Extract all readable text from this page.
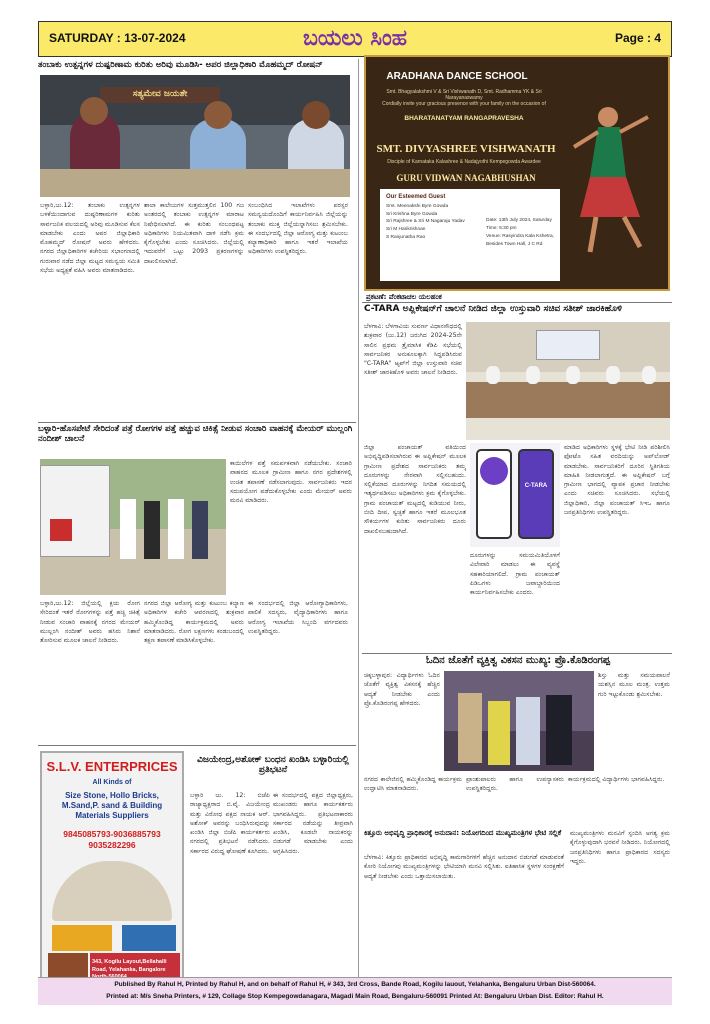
SATURDAY : 13-07-2024	ಬಯಲು ಸಿಂಹ	Page : 4
ತಂಬಾಕು ಉತ್ಪನ್ನಗಳ ದುಷ್ಪರಿಣಾಮ ಕುರಿತು ಅರಿವು ಮೂಡಿಸಿ- ಅಪರ ಜಿಲ್ಲಾಧಿಕಾರಿ ಮೊಹಮ್ಮದ್ ರೋಷನ್
ಸತ್ಯಮೇವ ಜಯತೇ
ಬಳ್ಳಾರಿ,ಜು.12: ತಂಬಾಕು ಉತ್ಪನ್ನಗಳ ಬಳಕೆಯಿಂದಾಗುವ ದುಷ್ಪರಿಣಾಮಗಳ ಕುರಿತು ಸಾರ್ವಜನಿಕ ವಲಯದಲ್ಲಿ ಅರಿವು ಮೂಡಿಸುವ ಕೆಲಸ ಮಾಡಬೇಕು ಎಂದು ಅಪರ ಜಿಲ್ಲಾಧಿಕಾರಿ ಮೊಹಮ್ಮದ್ ರೋಷನ್ ಅವರು ಹೇಳಿದರು. ನಗರದ ಜಿಲ್ಲಾಧಿಕಾರಿಗಳ ಕಚೇರಿಯ ಸಭಾಂಗಣದಲ್ಲಿ ಗುರುವಾರ ನಡೆದ ಜಿಲ್ಲಾ ಮಟ್ಟದ ಸಮನ್ವಯ ಸಮಿತಿ ಸಭೆಯ ಅಧ್ಯಕ್ಷತೆ ವಹಿಸಿ ಅವರು ಮಾತನಾಡಿದರು.ಶಾಲಾ ಕಾಲೇಜುಗಳ ಸುತ್ತಮುತ್ತಲಿನ 100 ಗಜ ಅಂತರದಲ್ಲಿ ತಂಬಾಕು ಉತ್ಪನ್ನಗಳ ಮಾರಾಟ ನಿಷೇಧಿಸಲಾಗಿದೆ. ಈ ಕುರಿತು ಸಂಬಂಧಪಟ್ಟ ಅಧಿಕಾರಿಗಳು ನಿಯಮಿತವಾಗಿ ದಾಳಿ ನಡೆಸಿ ಕ್ರಮ ಕೈಗೊಳ್ಳಬೇಕು ಎಂದು ಸೂಚಿಸಿದರು. ಜಿಲ್ಲೆಯಲ್ಲಿ ಇದುವರೆಗೆ ಒಟ್ಟು 2093 ಪ್ರಕರಣಗಳನ್ನು ದಾಖಲಿಸಲಾಗಿದೆ.ಸಂಬಂಧಿಸಿದ ಇಲಾಖೆಗಳು ಪರಸ್ಪರ ಸಮನ್ವಯದೊಂದಿಗೆ ಕಾರ್ಯನಿರ್ವಹಿಸಿ ಜಿಲ್ಲೆಯನ್ನು ತಂಬಾಕು ಮುಕ್ತ ಜಿಲ್ಲೆಯನ್ನಾಗಿಸಲು ಶ್ರಮಿಸಬೇಕು. ಈ ಸಂದರ್ಭದಲ್ಲಿ ಜಿಲ್ಲಾ ಆರೋಗ್ಯ ಮತ್ತು ಕುಟುಂಬ ಕಲ್ಯಾಣಾಧಿಕಾರಿ ಹಾಗೂ ಇತರೆ ಇಲಾಖೆಯ ಅಧಿಕಾರಿಗಳು ಉಪಸ್ಥಿತರಿದ್ದರು.
ARADHANA DANCE SCHOOL
Smt. Bhagyalakshmi V & Sri Vishwanath D, Smt. Radhamma YK & Sri Narayanaswamy
Cordially invite your gracious presence with your family on the occasion of
BHARATANATYAM RANGAPRAVESHA
SMT. DIVYASHREE VISHWANATH
Disciple of Karnataka Kalashree & Nadajyothi Kempegowda Awardee
GURU VIDWAN NAGABHUSHAN
Our Esteemed Guest
Smt. Meenakshi Byre Gowda
Sri Krishna Byre Gowda
Sri Rajshree & Sri M Nagaraju Yadav
Sri M Harikrishnan
S Ranjunatha Rao
Date: 13th July 2024, Saturday
Time: 5:30 pm
Venue: Rasyindra Kala Kshetra, Besides Town Hall, J C Rd
ಪ್ರಕಟಣೆ: ವೆಂಕಟಾಚಲ ಯಲಹಂಕ
C-TARA ಅಪ್ಲಿಕೇಷನ್‌ಗೆ ಚಾಲನೆ ನೀಡಿದ ಜಿಲ್ಲಾ ಉಸ್ತುವಾರಿ ಸಚಿವ ಸತೀಶ್ ಜಾರಕಿಹೊಳಿ
ಬೆಳಗಾವಿ: ಬೆಳಗಾವಿಯ ಸುವರ್ಣ ವಿಧಾನಸೌಧದಲ್ಲಿ ಶುಕ್ರವಾರ (ಜು.12) ಜರುಗಿದ 2024-25ನೇ ಸಾಲಿನ ಪ್ರಥಮ ತ್ರೈಮಾಸಿಕ ಕೆಡಿಪಿ ಸಭೆಯಲ್ಲಿ ಸಾರ್ವಜನಿಕರ ಅನುಕೂಲಕ್ಕಾಗಿ ಸಿದ್ಧಪಡಿಸಿರುವ "C-TARA" ಆ್ಯಪ್‌ಗೆ ಜಿಲ್ಲಾ ಉಸ್ತುವಾರಿ ಸಚಿವ ಸತೀಶ್ ಜಾರಕಿಹೊಳಿ ಅವರು ಚಾಲನೆ ನೀಡಿದರು.
ಜಿಲ್ಲಾ ಪಂಚಾಯತ್ ವತಿಯಿಂದ ಅಭಿವೃದ್ಧಿಪಡಿಸಲಾಗಿರುವ ಈ ಅಪ್ಲಿಕೇಷನ್ ಮೂಲಕ ಗ್ರಾಮೀಣ ಪ್ರದೇಶದ ಸಾರ್ವಜನಿಕರು ತಮ್ಮ ದೂರುಗಳನ್ನು ನೇರವಾಗಿ ಸಲ್ಲಿಸಬಹುದು. ಸಲ್ಲಿಕೆಯಾದ ದೂರುಗಳನ್ನು ನಿಗದಿತ ಸಮಯದಲ್ಲಿ ಇತ್ಯರ್ಥಪಡಿಸಲು ಅಧಿಕಾರಿಗಳು ಕ್ರಮ ಕೈಗೊಳ್ಳಬೇಕು. ಗ್ರಾಮ ಪಂಚಾಯತ್ ಮಟ್ಟದಲ್ಲಿ ಕುಡಿಯುವ ನೀರು, ಬೀದಿ ದೀಪ, ಸ್ವಚ್ಛತೆ ಹಾಗೂ ಇತರೆ ಮೂಲಭೂತ ಸೌಕರ್ಯಗಳ ಕುರಿತು ಸಾರ್ವಜನಿಕರು ದೂರು ದಾಖಲಿಸಬಹುದಾಗಿದೆ.
C-TARA
ಮಾಡಿದ ಅಧಿಕಾರಿಗಳು ಸ್ಥಳಕ್ಕೆ ಭೇಟಿ ನೀಡಿ ಪರಿಶೀಲಿಸಿ ಫೋಟೊ ಸಹಿತ ವರದಿಯನ್ನು ಅಪ್‌ಲೋಡ್ ಮಾಡಬೇಕು. ಸಾರ್ವಜನಿಕರಿಗೆ ದೂರಿನ ಸ್ಥಿತಿಗತಿಯ ಮಾಹಿತಿ ನೀಡಲಾಗುತ್ತದೆ. ಈ ಅಪ್ಲಿಕೇಷನ್ ಬಗ್ಗೆ ಗ್ರಾಮೀಣ ಭಾಗದಲ್ಲಿ ವ್ಯಾಪಕ ಪ್ರಚಾರ ನೀಡಬೇಕು ಎಂದು ಸಚಿವರು ಸೂಚಿಸಿದರು. ಸಭೆಯಲ್ಲಿ ಜಿಲ್ಲಾಧಿಕಾರಿ, ಜಿಲ್ಲಾ ಪಂಚಾಯತ್ ಸಿಇಒ ಹಾಗೂ ಜನಪ್ರತಿನಿಧಿಗಳು ಉಪಸ್ಥಿತರಿದ್ದರು.
ದೂರುಗಳನ್ನು ಸಮಯಮಿತಿಯೊಳಗೆ ವಿಲೇವಾರಿ ಮಾಡಲು ಈ ವ್ಯವಸ್ಥೆ ಸಹಕಾರಿಯಾಗಲಿದೆ. ಗ್ರಾಮ ಪಂಚಾಯತ್ ಪಿಡಿಒಗಳು ಜವಾಬ್ದಾರಿಯಿಂದ ಕಾರ್ಯನಿರ್ವಹಿಸಬೇಕು ಎಂದರು.
ಬಳ್ಳಾರಿ-ಹೊಸಪೇಟೆ ಸೇರಿದಂತೆ ಪತ್ರೆ ರೋಗಗಳ ಪತ್ತೆ ಹಚ್ಚುವ ಚಿಕಿತ್ಸೆ ನೀಡುವ ಸಂಚಾರಿ ವಾಹನಕ್ಕೆ ಮೇಯರ್ ಮುಲ್ಲಂಗಿ ನಂದೀಶ್ ಚಾಲನೆ
ಕಾಯಿಲೆಗಳ ಪತ್ತೆ ಸಮರ್ಪಕವಾಗಿ ನಡೆಯಬೇಕು. ಸಂಚಾರಿ ವಾಹನದ ಮೂಲಕ ಗ್ರಾಮೀಣ ಹಾಗೂ ನಗರ ಪ್ರದೇಶಗಳಲ್ಲಿ ಉಚಿತ ತಪಾಸಣೆ ನಡೆಸಲಾಗುವುದು. ಸಾರ್ವಜನಿಕರು ಇದರ ಸದುಪಯೋಗ ಪಡೆದುಕೊಳ್ಳಬೇಕು ಎಂದು ಮೇಯರ್ ಅವರು ಮನವಿ ಮಾಡಿದರು.
ಬಳ್ಳಾರಿ,ಜು.12: ಜಿಲ್ಲೆಯಲ್ಲಿ ಕ್ಷಯ ರೋಗ ಸೇರಿದಂತೆ ಇತರೆ ರೋಗಗಳನ್ನು ಪತ್ತೆ ಹಚ್ಚಿ ಚಿಕಿತ್ಸೆ ನೀಡುವ ಸಂಚಾರಿ ವಾಹನಕ್ಕೆ ನಗರದ ಮೇಯರ್ ಮುಲ್ಲಂಗಿ ನಂದೀಶ್ ಅವರು ಹಸಿರು ನಿಶಾನೆ ತೋರಿಸುವ ಮೂಲಕ ಚಾಲನೆ ನೀಡಿದರು.ನಗರದ ಜಿಲ್ಲಾ ಆರೋಗ್ಯ ಮತ್ತು ಕುಟುಂಬ ಕಲ್ಯಾಣ ಅಧಿಕಾರಿಗಳ ಕಚೇರಿ ಆವರಣದಲ್ಲಿ ಶುಕ್ರವಾರ ಹಮ್ಮಿಕೊಂಡಿದ್ದ ಕಾರ್ಯಕ್ರಮದಲ್ಲಿ ಅವರು ಮಾತನಾಡಿದರು. ರೋಗ ಲಕ್ಷಣಗಳು ಕಂಡುಬಂದಲ್ಲಿ ತಕ್ಷಣ ತಪಾಸಣೆ ಮಾಡಿಸಿಕೊಳ್ಳಬೇಕು.ಈ ಸಂದರ್ಭದಲ್ಲಿ ಜಿಲ್ಲಾ ಆರೋಗ್ಯಾಧಿಕಾರಿಗಳು, ಪಾಲಿಕೆ ಸದಸ್ಯರು, ವೈದ್ಯಾಧಿಕಾರಿಗಳು ಹಾಗೂ ಆರೋಗ್ಯ ಇಲಾಖೆಯ ಸಿಬ್ಬಂದಿ ವರ್ಗದವರು ಉಪಸ್ಥಿತರಿದ್ದರು.
ಓದಿನ ಜೊತೆಗೆ ವ್ಯಕ್ತಿತ್ವ ವಿಕಸನ ಮುಖ್ಯ: ಪ್ರೊ.ಕೊಡಿರಂಗಪ್ಪ
ಚಿಕ್ಕಬಳ್ಳಾಪುರ: ವಿದ್ಯಾರ್ಥಿಗಳು ಓದಿನ ಜೊತೆಗೆ ವ್ಯಕ್ತಿತ್ವ ವಿಕಸನಕ್ಕೆ ಹೆಚ್ಚಿನ ಆದ್ಯತೆ ನೀಡಬೇಕು ಎಂದು ಪ್ರೊ.ಕೊಡಿರಂಗಪ್ಪ ಹೇಳಿದರು.
ಶಿಸ್ತು ಮತ್ತು ಸಮಯಪಾಲನೆ ಯಶಸ್ಸಿನ ಮೂಲ ಮಂತ್ರ. ಉತ್ತಮ ಗುರಿ ಇಟ್ಟುಕೊಂಡು ಶ್ರಮಿಸಬೇಕು.
ನಗರದ ಕಾಲೇಜಿನಲ್ಲಿ ಹಮ್ಮಿಕೊಂಡಿದ್ದ ಕಾರ್ಯಕ್ರಮ ಉದ್ಘಾಟಿಸಿ ಮಾತನಾಡಿದರು.ಪ್ರಾಂಶುಪಾಲರು ಹಾಗೂ ಉಪನ್ಯಾಸಕರು ಉಪಸ್ಥಿತರಿದ್ದರು.ಕಾರ್ಯಕ್ರಮದಲ್ಲಿ ವಿದ್ಯಾರ್ಥಿಗಳು ಭಾಗವಹಿಸಿದ್ದರು.
ಕಿತ್ತೂರು ಅಭಿವೃದ್ಧಿ ಪ್ರಾಧಿಕಾರಕ್ಕೆ ಅನುದಾನ: ನಿಯೋಗದಿಂದ ಮುಖ್ಯಮಂತ್ರಿಗಳ ಭೇಟಿ ಸಲ್ಲಿಕೆ
ಬೆಳಗಾವಿ: ಕಿತ್ತೂರು ಪ್ರಾಧಿಕಾರದ ಅಭಿವೃದ್ಧಿ ಕಾಮಗಾರಿಗಳಿಗೆ ಹೆಚ್ಚಿನ ಅನುದಾನ ಬಿಡುಗಡೆ ಮಾಡುವಂತೆ ಕೋರಿ ನಿಯೋಗವು ಮುಖ್ಯಮಂತ್ರಿಗಳನ್ನು ಭೇಟಿಯಾಗಿ ಮನವಿ ಸಲ್ಲಿಸಿತು. ಐತಿಹಾಸಿಕ ಸ್ಥಳಗಳ ಸಂರಕ್ಷಣೆಗೆ ಆದ್ಯತೆ ನೀಡಬೇಕು ಎಂದು ಒತ್ತಾಯಿಸಲಾಯಿತು.
ಮುಖ್ಯಮಂತ್ರಿಗಳು ಮನವಿಗೆ ಸ್ಪಂದಿಸಿ ಅಗತ್ಯ ಕ್ರಮ ಕೈಗೊಳ್ಳುವುದಾಗಿ ಭರವಸೆ ನೀಡಿದರು. ನಿಯೋಗದಲ್ಲಿ ಜನಪ್ರತಿನಿಧಿಗಳು ಹಾಗೂ ಪ್ರಾಧಿಕಾರದ ಸದಸ್ಯರು ಇದ್ದರು.
S.L.V. ENTERPRICES
All Kinds of
Size Stone, Hollo Bricks, M.Sand,P. sand & Building Materials Suppliers
9845085793-9036885793 9035282296
343, Kogilu Layout,Bellahalli Road, Yelahanka, Bangalore
ವಿಜಯೇಂದ್ರ,ಅಶೋಕ್ ಬಂಧನ ಖಂಡಿಸಿ ಬಳ್ಳಾರಿಯಲ್ಲಿ ಪ್ರತಿಭಟನೆ
ಬಳ್ಳಾರಿ ಜು. 12: ಬಿಜೆಪಿ ರಾಜ್ಯಾಧ್ಯಕ್ಷರಾದ ಬಿ.ವೈ. ವಿಜಯೇಂದ್ರ ಮತ್ತು ವಿರೋಧ ಪಕ್ಷದ ನಾಯಕ ಆರ್. ಅಶೋಕ್ ಅವರನ್ನು ಬಂಧಿಸಿರುವುದನ್ನು ಖಂಡಿಸಿ ಜಿಲ್ಲಾ ಬಿಜೆಪಿ ಕಾರ್ಯಕರ್ತರು ನಗರದಲ್ಲಿ ಪ್ರತಿಭಟನೆ ನಡೆಸಿದರು. ಸರ್ಕಾರದ ವಿರುದ್ಧ ಘೋಷಣೆ ಕೂಗಿದರು.ಈ ಸಂದರ್ಭದಲ್ಲಿ ಪಕ್ಷದ ಜಿಲ್ಲಾಧ್ಯಕ್ಷರು, ಮುಖಂಡರು ಹಾಗೂ ಕಾರ್ಯಕರ್ತರು ಭಾಗವಹಿಸಿದ್ದರು. ಪ್ರತಿಭಟನಾಕಾರರು ಸರ್ಕಾರದ ನಡೆಯನ್ನು ತೀವ್ರವಾಗಿ ಖಂಡಿಸಿ, ಕೂಡಲೇ ನಾಯಕರನ್ನು ಬಿಡುಗಡೆ ಮಾಡಬೇಕು ಎಂದು ಆಗ್ರಹಿಸಿದರು.

Published By Rahul H, Printed by Rahul H, and on behalf of Rahul H, # 343, 3rd Cross, Bande Road, Kogilu lauout, Yelahanka, Bengaluru Urban Dist-560064.

Printed at: M/s Sneha Printers, # 129, Collage Stop Kempegowdanagara, Magadi Main Road, Bengaluru-560091 Printed At: Bengaluru Urban Dist. Editor: Rahul H.
